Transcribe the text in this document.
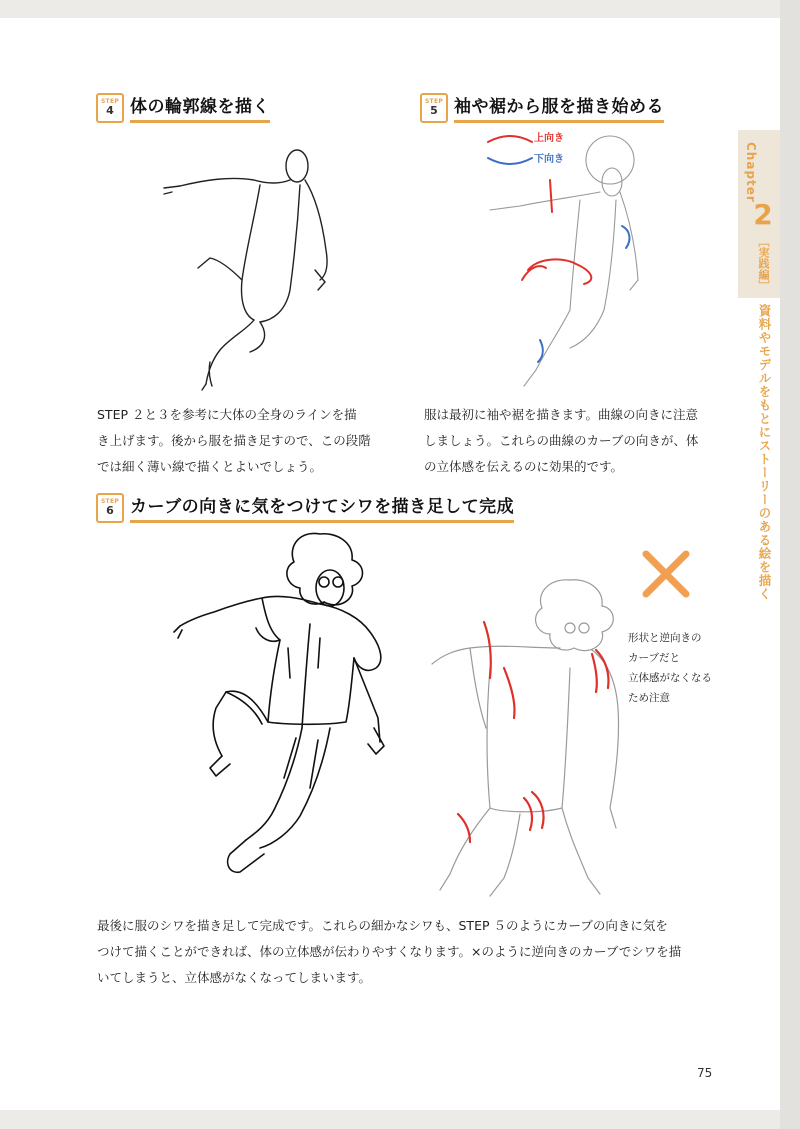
STEP
4 体の輪郭線を描く	STEP
5 袖や裾から服を描き始める
上向き
下向き

STEP ２と３を参考に大体の全身のラインを描

き上げます。後から服を描き足すので、この段階

では細く薄い線で描くとよいでしょう。

服は最初に袖や裾を描きます。曲線の向きに注意

しましょう。これらの曲線のカーブの向きが、体

の立体感を伝えるのに効果的です。

STEP
6 カーブの向きに気をつけてシワを描き足して完成

形状と逆向きの

カーブだと

立体感がなくなる

ため注意

最後に服のシワを描き足して完成です。これらの細かなシワも、STEP ５のようにカーブの向きに気を

つけて描くことができれば、体の立体感が伝わりやすくなります。×のように逆向きのカーブでシワを描

いてしまうと、立体感がなくなってしまいます。

Chapter
2
［実践編］
資料やモデルをもとにストーリーのある絵を描く
75
